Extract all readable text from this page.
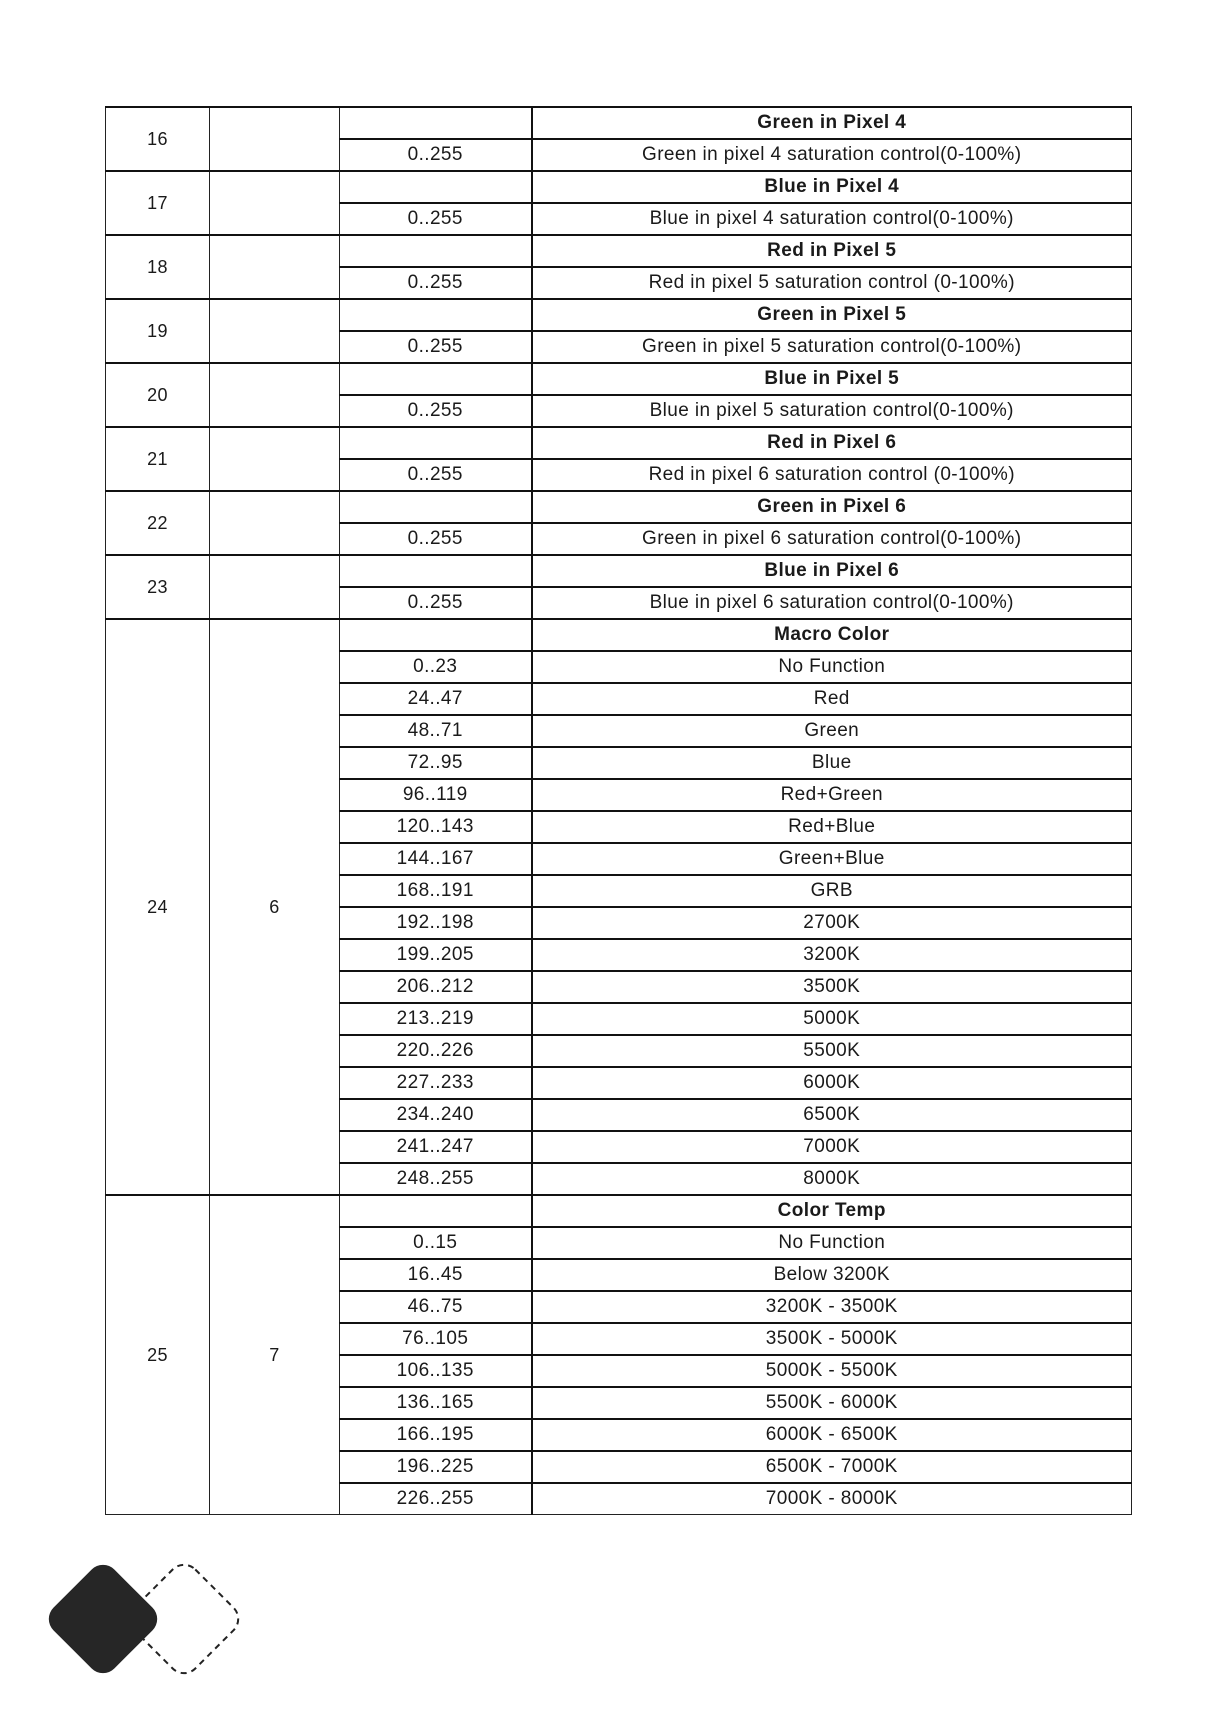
16			Green in Pixel 4
		0..255	Green in pixel 4 saturation control(0-100%)
17			Blue in Pixel 4
		0..255	Blue in pixel 4 saturation control(0-100%)
18			Red in Pixel 5
		0..255	Red in pixel 5 saturation control (0-100%)
19			Green in Pixel 5
		0..255	Green in pixel 5 saturation control(0-100%)
20			Blue in Pixel 5
		0..255	Blue in pixel 5 saturation control(0-100%)
21			Red in Pixel 6
		0..255	Red in pixel 6 saturation control (0-100%)
22			Green in Pixel 6
		0..255	Green in pixel 6 saturation control(0-100%)
23			Blue in Pixel 6
		0..255	Blue in pixel 6 saturation control(0-100%)
24	6		Macro Color
		0..23	No Function
		24..47	Red
		48..71	Green
		72..95	Blue
		96..119	Red+Green
		120..143	Red+Blue
		144..167	Green+Blue
		168..191	GRB
		192..198	2700K
		199..205	3200K
		206..212	3500K
		213..219	5000K
		220..226	5500K
		227..233	6000K
		234..240	6500K
		241..247	7000K
		248..255	8000K
25	7		Color Temp
		0..15	No Function
		16..45	Below 3200K
		46..75	3200K - 3500K
		76..105	3500K - 5000K
		106..135	5000K - 5500K
		136..165	5500K - 6000K
		166..195	6000K - 6500K
		196..225	6500K - 7000K
		226..255	7000K - 8000K
